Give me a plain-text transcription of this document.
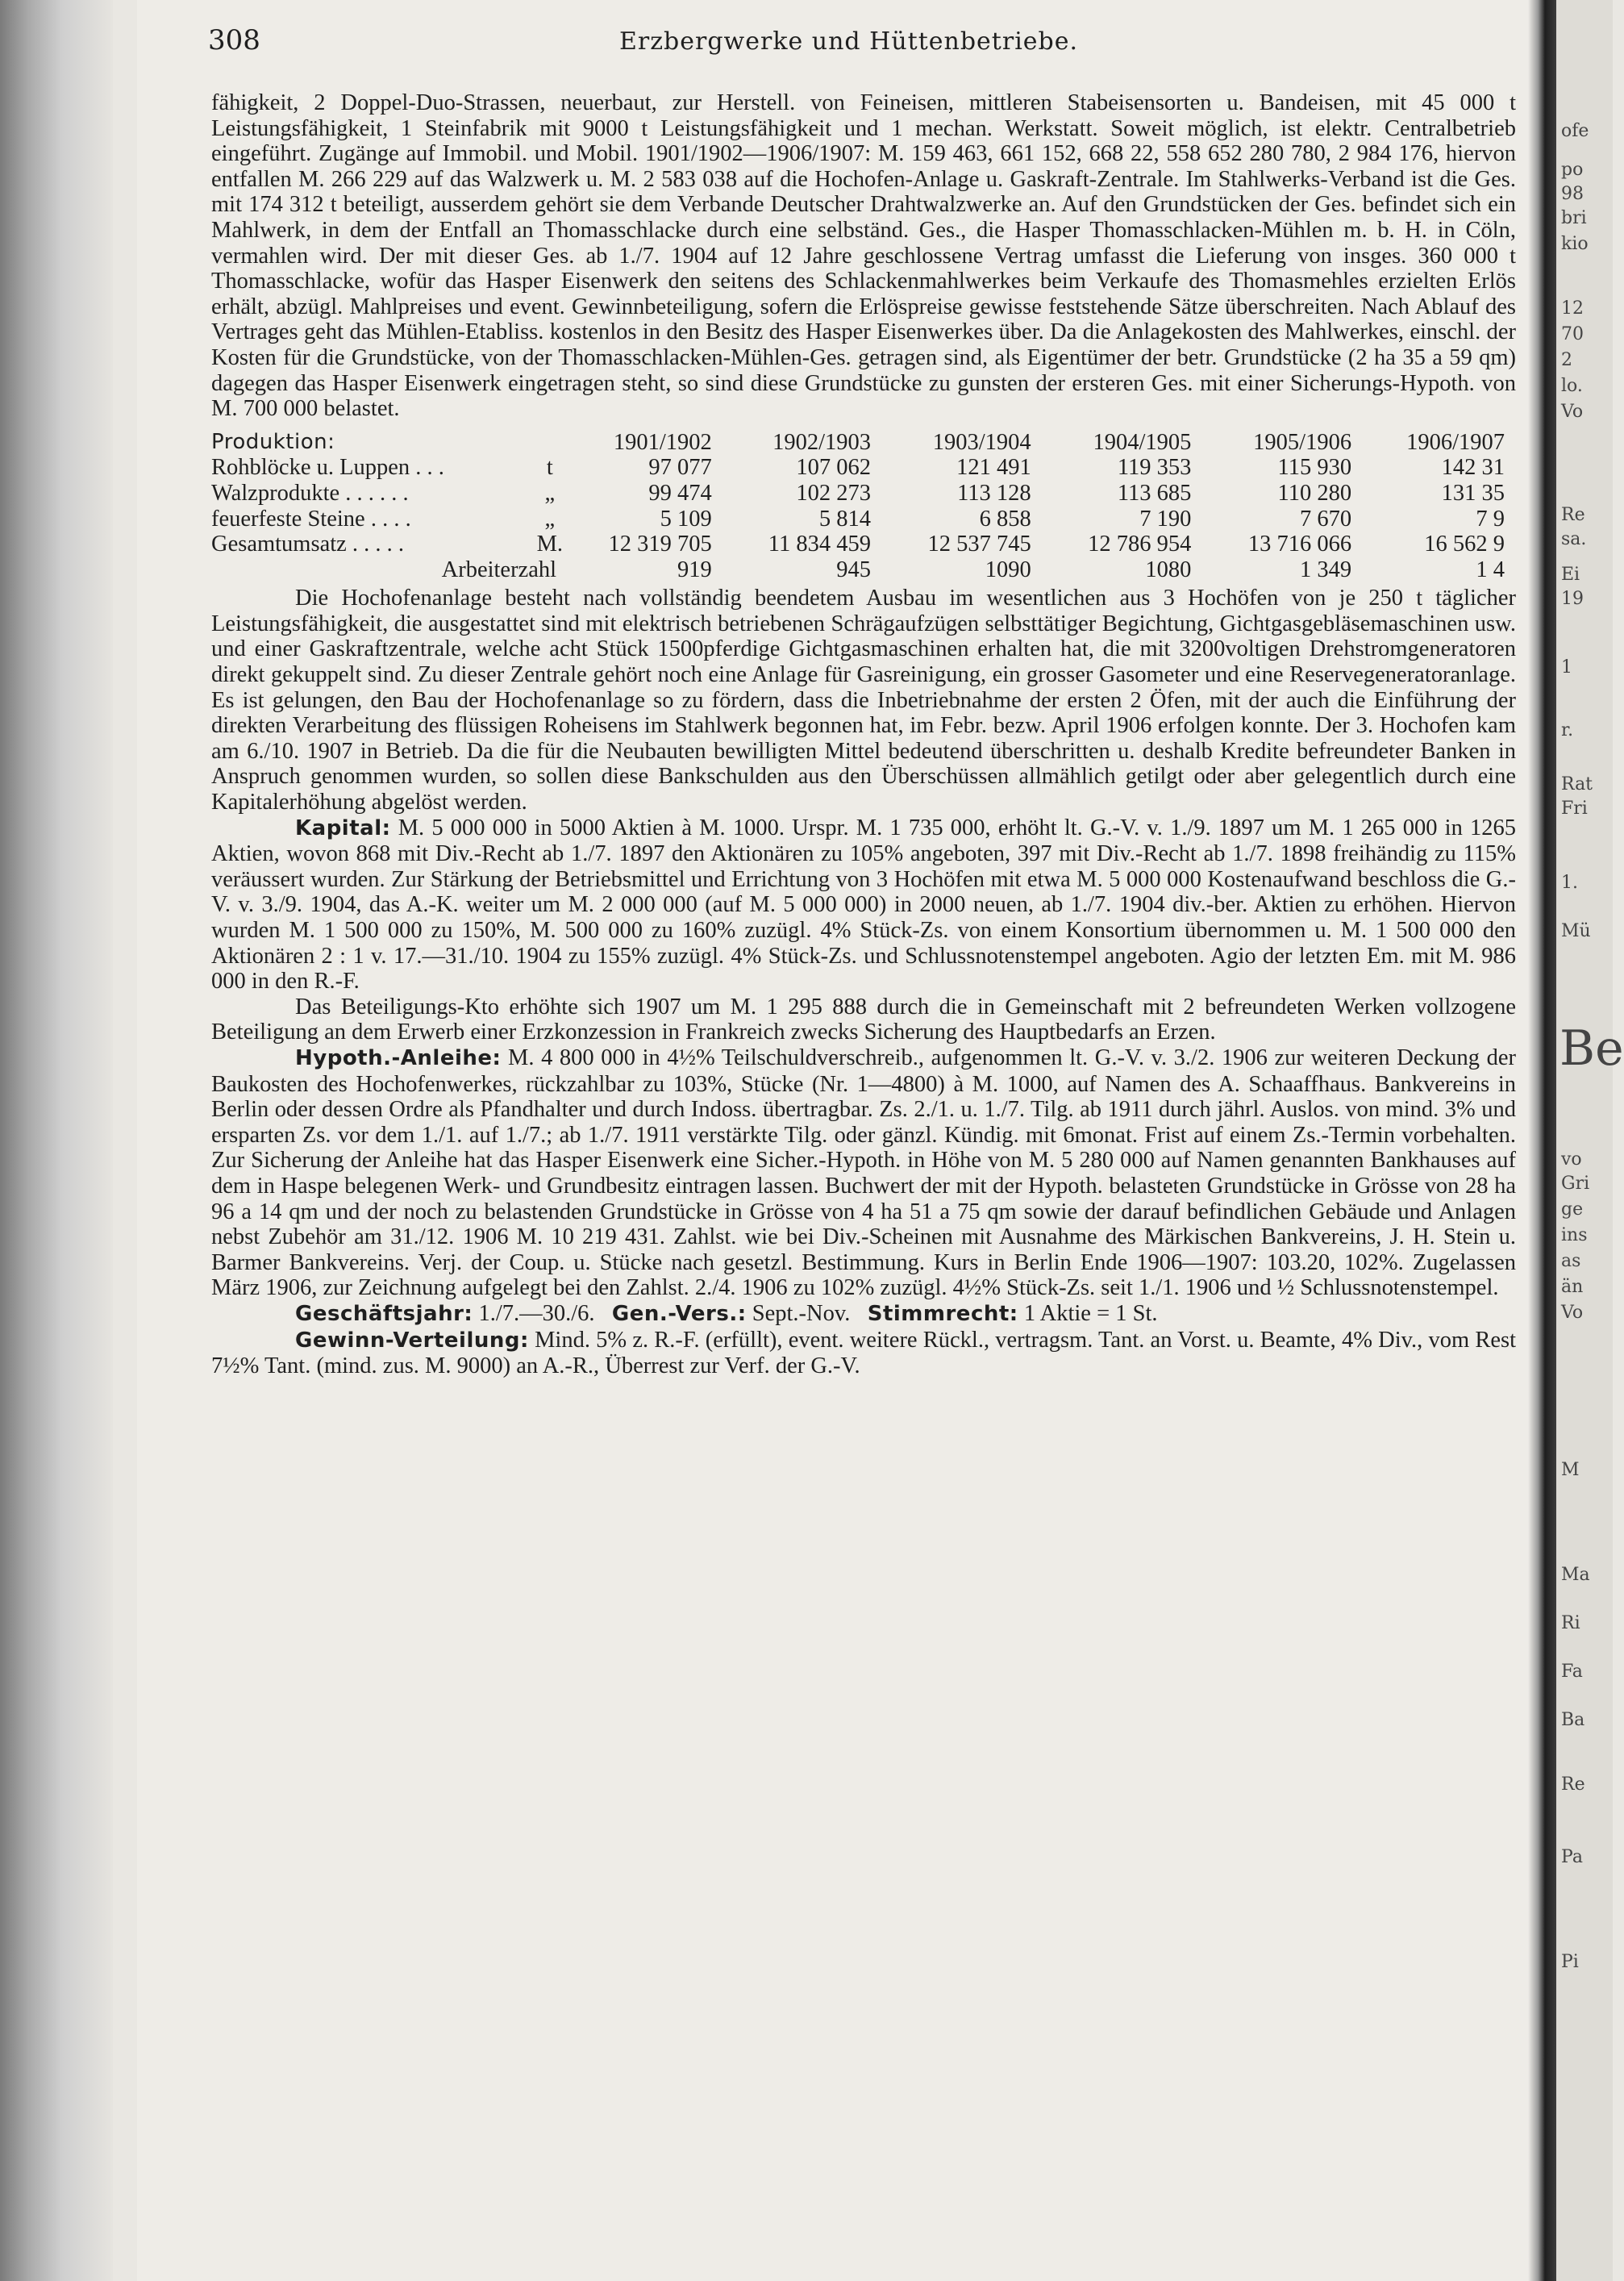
ofe
po
98
bri
kio
12
70
2
lo.
Vo
Re
sa.
Ei
19
1
r.
Rat
Fri
1.
Mü
Be
vo
Gri
ge
ins
as
än
Vo
M
Ma
Ri
Fa
Ba
Re
Pa
Pi
308	Erzbergwerke und Hüttenbetriebe.

fähigkeit, 2 Doppel-Duo-Strassen, neuerbaut, zur Herstell. von Feineisen, mittleren Stabeisensorten u. Bandeisen, mit 45 000 t Leistungsfähigkeit, 1 Steinfabrik mit 9000 t Leistungsfähigkeit und 1 mechan. Werkstatt. Soweit möglich, ist elektr. Centralbetrieb eingeführt. Zugänge auf Immobil. und Mobil. 1901/1902—1906/1907: M. 159 463, 661 152, 668 22, 558 652 280 780, 2 984 176, hiervon entfallen M. 266 229 auf das Walzwerk u. M. 2 583 038 auf die Hochofen-Anlage u. Gaskraft-Zentrale. Im Stahlwerks-Verband ist die Ges. mit 174 312 t beteiligt, ausserdem gehört sie dem Verbande Deutscher Drahtwalzwerke an. Auf den Grundstücken der Ges. befindet sich ein Mahlwerk, in dem der Entfall an Thomasschlacke durch eine selbständ. Ges., die Hasper Thomasschlacken-Mühlen m. b. H. in Cöln, vermahlen wird. Der mit dieser Ges. ab 1./7. 1904 auf 12 Jahre geschlossene Vertrag umfasst die Lieferung von insges. 360 000 t Thomasschlacke, wofür das Hasper Eisenwerk den seitens des Schlackenmahlwerkes beim Verkaufe des Thomasmehles erzielten Erlös erhält, abzügl. Mahlpreises und event. Gewinnbeteiligung, sofern die Erlöspreise gewisse feststehende Sätze überschreiten. Nach Ablauf des Vertrages geht das Mühlen-Etabliss. kostenlos in den Besitz des Hasper Eisenwerkes über. Da die Anlagekosten des Mahlwerkes, einschl. der Kosten für die Grundstücke, von der Thomasschlacken-Mühlen-Ges. getragen sind, als Eigentümer der betr. Grundstücke (2 ha 35 a 59 qm) dagegen das Hasper Eisenwerk eingetragen steht, so sind diese Grundstücke zu gunsten der ersteren Ges. mit einer Sicherungs-Hypoth. von M. 700 000 belastet.

Produktion:		1901/1902	1902/1903	1903/1904	1904/1905	1905/1906	1906/1907
Rohblöcke u. Luppen . . .	t	97 077	107 062	121 491	119 353	115 930	142 31
Walzprodukte . . . . . .	„	99 474	102 273	113 128	113 685	110 280	131 35
feuerfeste Steine . . . .	„	5 109	5 814	6 858	7 190	7 670	7 9
Gesamtumsatz . . . . .	M.	12 319 705	11 834 459	12 537 745	12 786 954	13 716 066	16 562 9
Arbeiterzahl		919	945	1090	1080	1 349	1 4

Die Hochofenanlage besteht nach vollständig beendetem Ausbau im wesentlichen aus 3 Hochöfen von je 250 t täglicher Leistungsfähigkeit, die ausgestattet sind mit elektrisch betriebenen Schrägaufzügen selbsttätiger Begichtung, Gichtgasgebläsemaschinen usw. und einer Gaskraftzentrale, welche acht Stück 1500pferdige Gichtgasmaschinen erhalten hat, die mit 3200voltigen Drehstromgeneratoren direkt gekuppelt sind. Zu dieser Zentrale gehört noch eine Anlage für Gasreinigung, ein grosser Gasometer und eine Reservegeneratoranlage. Es ist gelungen, den Bau der Hochofenanlage so zu fördern, dass die Inbetriebnahme der ersten 2 Öfen, mit der auch die Einführung der direkten Verarbeitung des flüssigen Roheisens im Stahlwerk begonnen hat, im Febr. bezw. April 1906 erfolgen konnte. Der 3. Hochofen kam am 6./10. 1907 in Betrieb. Da die für die Neubauten bewilligten Mittel bedeutend überschritten u. deshalb Kredite befreundeter Banken in Anspruch genommen wurden, so sollen diese Bankschulden aus den Überschüssen allmählich getilgt oder aber gelegentlich durch eine Kapitalerhöhung abgelöst werden.

Kapital: M. 5 000 000 in 5000 Aktien à M. 1000. Urspr. M. 1 735 000, erhöht lt. G.-V. v. 1./9. 1897 um M. 1 265 000 in 1265 Aktien, wovon 868 mit Div.-Recht ab 1./7. 1897 den Aktionären zu 105% angeboten, 397 mit Div.-Recht ab 1./7. 1898 freihändig zu 115% veräussert wurden. Zur Stärkung der Betriebsmittel und Errichtung von 3 Hochöfen mit etwa M. 5 000 000 Kostenaufwand beschloss die G.-V. v. 3./9. 1904, das A.-K. weiter um M. 2 000 000 (auf M. 5 000 000) in 2000 neuen, ab 1./7. 1904 div.-ber. Aktien zu erhöhen. Hiervon wurden M. 1 500 000 zu 150%, M. 500 000 zu 160% zuzügl. 4% Stück-Zs. von einem Konsortium übernommen u. M. 1 500 000 den Aktionären 2 : 1 v. 17.—31./10. 1904 zu 155% zuzügl. 4% Stück-Zs. und Schlussnotenstempel angeboten. Agio der letzten Em. mit M. 986 000 in den R.-F.

Das Beteiligungs-Kto erhöhte sich 1907 um M. 1 295 888 durch die in Gemeinschaft mit 2 befreundeten Werken vollzogene Beteiligung an dem Erwerb einer Erzkonzession in Frankreich zwecks Sicherung des Hauptbedarfs an Erzen.

Hypoth.-Anleihe: M. 4 800 000 in 4½% Teilschuldverschreib., aufgenommen lt. G.-V. v. 3./2. 1906 zur weiteren Deckung der Baukosten des Hochofenwerkes, rückzahlbar zu 103%, Stücke (Nr. 1—4800) à M. 1000, auf Namen des A. Schaaffhaus. Bankvereins in Berlin oder dessen Ordre als Pfandhalter und durch Indoss. übertragbar. Zs. 2./1. u. 1./7. Tilg. ab 1911 durch jährl. Auslos. von mind. 3% und ersparten Zs. vor dem 1./1. auf 1./7.; ab 1./7. 1911 verstärkte Tilg. oder gänzl. Kündig. mit 6monat. Frist auf einem Zs.-Termin vorbehalten. Zur Sicherung der Anleihe hat das Hasper Eisenwerk eine Sicher.-Hypoth. in Höhe von M. 5 280 000 auf Namen genannten Bankhauses auf dem in Haspe belegenen Werk- und Grundbesitz eintragen lassen. Buchwert der mit der Hypoth. belasteten Grundstücke in Grösse von 28 ha 96 a 14 qm und der noch zu belastenden Grundstücke in Grösse von 4 ha 51 a 75 qm sowie der darauf befindlichen Gebäude und Anlagen nebst Zubehör am 31./12. 1906 M. 10 219 431. Zahlst. wie bei Div.-Scheinen mit Ausnahme des Märkischen Bankvereins, J. H. Stein u. Barmer Bankvereins. Verj. der Coup. u. Stücke nach gesetzl. Bestimmung. Kurs in Berlin Ende 1906—1907: 103.20, 102%. Zugelassen März 1906, zur Zeichnung aufgelegt bei den Zahlst. 2./4. 1906 zu 102% zuzügl. 4½% Stück-Zs. seit 1./1. 1906 und ½ Schlussnotenstempel.

Geschäftsjahr: 1./7.—30./6. Gen.-Vers.: Sept.-Nov. Stimmrecht: 1 Aktie = 1 St.

Gewinn-Verteilung: Mind. 5% z. R.-F. (erfüllt), event. weitere Rückl., vertragsm. Tant. an Vorst. u. Beamte, 4% Div., vom Rest 7½% Tant. (mind. zus. M. 9000) an A.-R., Überrest zur Verf. der G.-V.
